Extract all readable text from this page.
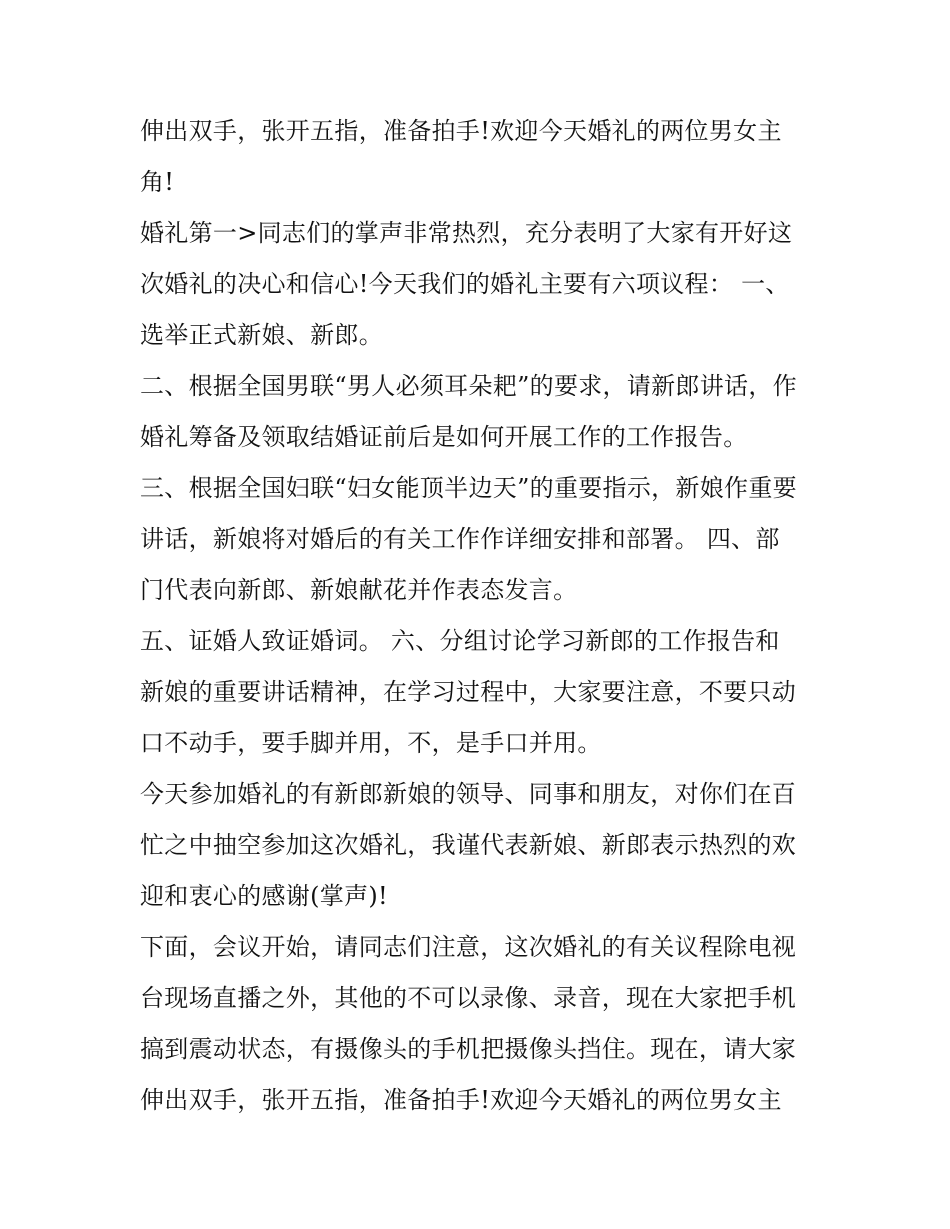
伸出双手，张开五指，准备拍手!欢迎今天婚礼的两位男女主
角!
婚礼第一>同志们的掌声非常热烈，充分表明了大家有开好这
次婚礼的决心和信心!今天我们的婚礼主要有六项议程： 一、
选举正式新娘、新郎。
二、根据全国男联“男人必须耳朵耙”的要求，请新郎讲话，作
婚礼筹备及领取结婚证前后是如何开展工作的工作报告。
三、根据全国妇联“妇女能顶半边天”的重要指示，新娘作重要
讲话，新娘将对婚后的有关工作作详细安排和部署。 四、部
门代表向新郎、新娘献花并作表态发言。
五、证婚人致证婚词。 六、分组讨论学习新郎的工作报告和
新娘的重要讲话精神，在学习过程中，大家要注意，不要只动
口不动手，要手脚并用，不，是手口并用。
今天参加婚礼的有新郎新娘的领导、同事和朋友，对你们在百
忙之中抽空参加这次婚礼，我谨代表新娘、新郎表示热烈的欢
迎和衷心的感谢(掌声)!
下面，会议开始，请同志们注意，这次婚礼的有关议程除电视
台现场直播之外，其他的不可以录像、录音，现在大家把手机
搞到震动状态，有摄像头的手机把摄像头挡住。现在，请大家
伸出双手，张开五指，准备拍手!欢迎今天婚礼的两位男女主
